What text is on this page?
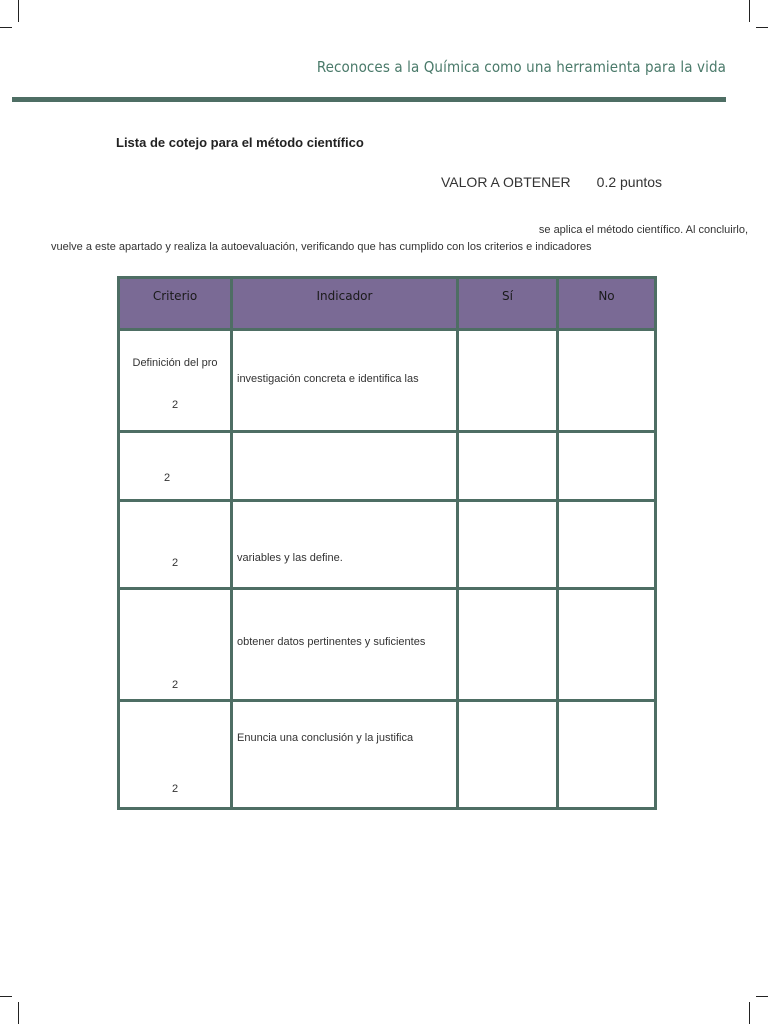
Reconoces a la Química como una herramienta para la vida
Lista de cotejo para el método científico
VALOR A OBTENER 0.2 puntos
se aplica el método científico. Al concluirlo,
vuelve a este apartado y realiza la autoevaluación, verificando que has cumplido con los criterios e indicadores
Criterio	Indicador	Sí	No

Definición del pro
2	investigación concreta e identifica las		

2			

2	variables y las define.		

2	obtener datos pertinentes y suficientes		

2	Enuncia una conclusión y la justifica		
